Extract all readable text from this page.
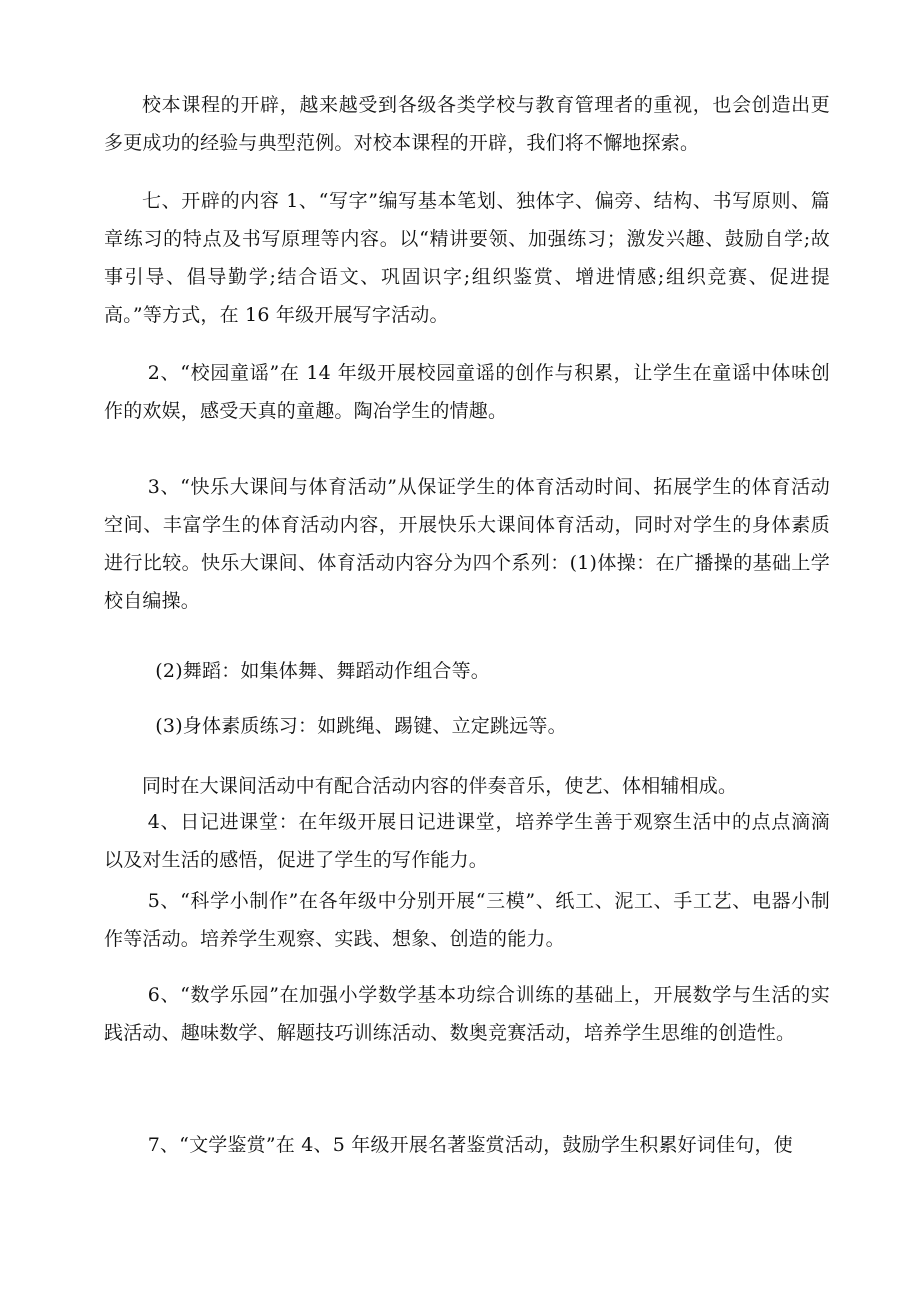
校本课程的开辟，越来越受到各级各类学校与教育管理者的重视，也会创造出更多更成功的经验与典型范例。对校本课程的开辟，我们将不懈地探索。

七、开辟的内容 1、“写字”编写基本笔划、独体字、偏旁、结构、书写原则、篇章练习的特点及书写原理等内容。以“精讲要领、加强练习；激发兴趣、鼓励自学;故事引导、倡导勤学;结合语文、巩固识字;组织鉴赏、增进情感;组织竞赛、促进提高。”等方式，在 16 年级开展写字活动。

2、“校园童谣”在 14 年级开展校园童谣的创作与积累，让学生在童谣中体味创作的欢娱，感受天真的童趣。陶冶学生的情趣。

3、“快乐大课间与体育活动”从保证学生的体育活动时间、拓展学生的体育活动空间、丰富学生的体育活动内容，开展快乐大课间体育活动，同时对学生的身体素质进行比较。快乐大课间、体育活动内容分为四个系列：(1)体操：在广播操的基础上学校自编操。

(2)舞蹈：如集体舞、舞蹈动作组合等。

(3)身体素质练习：如跳绳、踢键、立定跳远等。

同时在大课间活动中有配合活动内容的伴奏音乐，使艺、体相辅相成。

4、日记进课堂：在年级开展日记进课堂，培养学生善于观察生活中的点点滴滴以及对生活的感悟，促进了学生的写作能力。

5、“科学小制作”在各年级中分别开展“三模”、纸工、泥工、手工艺、电器小制作等活动。培养学生观察、实践、想象、创造的能力。

6、“数学乐园”在加强小学数学基本功综合训练的基础上，开展数学与生活的实践活动、趣味数学、解题技巧训练活动、数奥竞赛活动，培养学生思维的创造性。

7、“文学鉴赏”在 4、5 年级开展名著鉴赏活动，鼓励学生积累好词佳句，使
